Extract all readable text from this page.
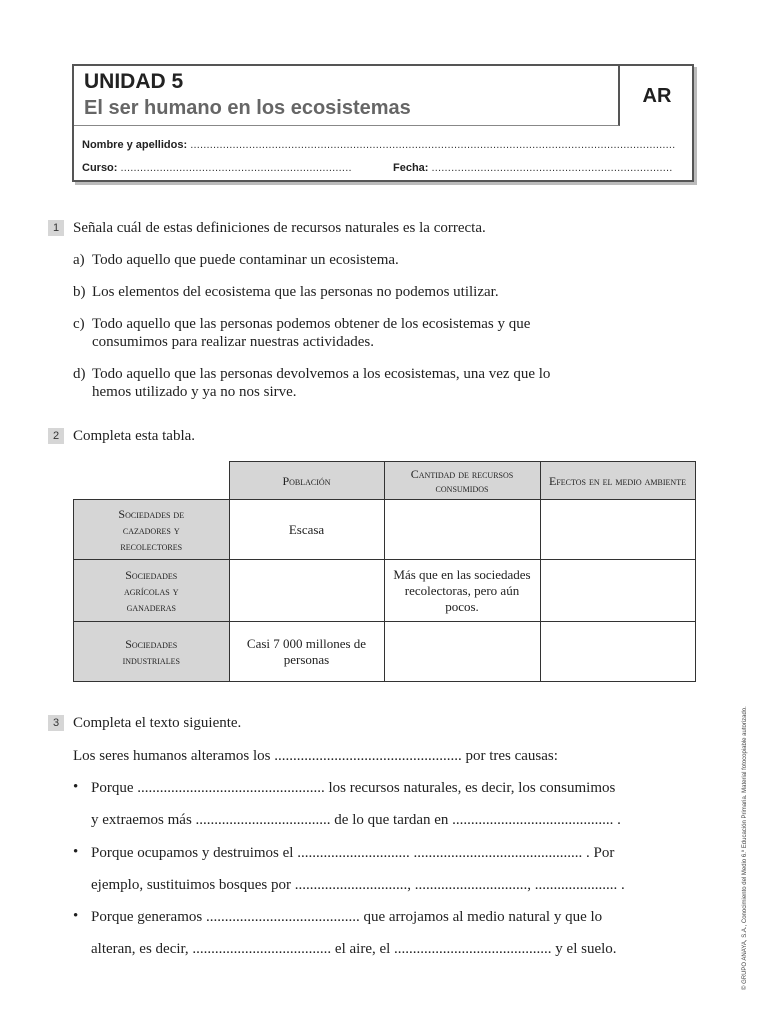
UNIDAD 5
El ser humano en los ecosistemas
AR
Nombre y apellidos: .....................................................................................................................................................
Curso: .......................................................................	Fecha: ..........................................................................
1 Señala cuál de estas definiciones de recursos naturales es la correcta.
a) Todo aquello que puede contaminar un ecosistema.
b) Los elementos del ecosistema que las personas no podemos utilizar.
c) Todo aquello que las personas podemos obtener de los ecosistemas y que consumimos para realizar nuestras actividades.
d) Todo aquello que las personas devolvemos a los ecosistemas, una vez que lo hemos utilizado y ya no nos sirve.
2 Completa esta tabla.
	Población	Cantidad de recursos consumidos	Efectos en el medio ambiente
Sociedades de cazadores y recolectores	Escasa		
Sociedades agrícolas y ganaderas		Más que en las sociedades recolectoras, pero aún pocos.	
Sociedades industriales	Casi 7 000 millones de personas		
3 Completa el texto siguiente.
Los seres humanos alteramos los .................................................. por tres causas:
• Porque .................................................. los recursos naturales, es decir, los consumimos
y extraemos más .................................... de lo que tardan en ........................................... .
• Porque ocupamos y destruimos el .............................. ............................................. . Por
ejemplo, sustituimos bosques por .............................., .............................., ...................... .
• Porque generamos ......................................... que arrojamos al medio natural y que lo
alteran, es decir, ..................................... el aire, el .......................................... y el suelo.	© GRUPO ANAYA, S.A., Conocimiento del Medio 6.º Educación Primaria. Material fotocopiable autorizado.
